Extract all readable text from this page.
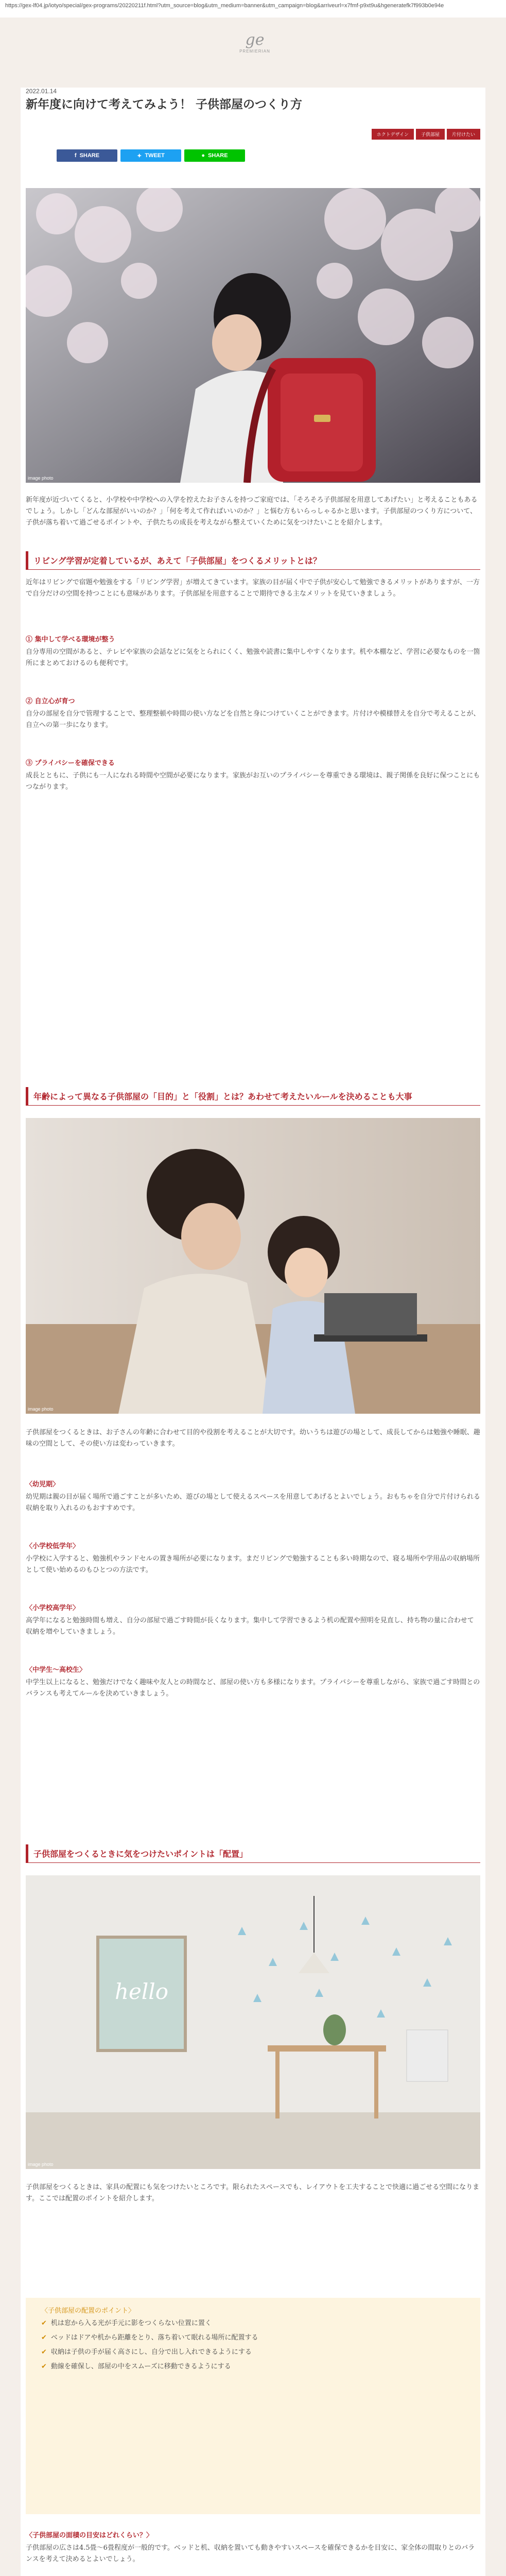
https://gex-lf04.jp/iotyo/special/gex-programs/20220211f.html?utm_source=blog&utm_medium=banner&utm_campaign=blog&arriveurl=x7fmf-p9xt9u&hgeneratefk7f993b0e94e
ge
PREMIERIAN
2022.01.14
新年度に向けて考えてみよう！ 子供部屋のつくり方
ホクトデザイン	子供部屋	片付けたい
f SHARE	✦ TWEET	● SHARE
image photo

新年度が近づいてくると、小学校や中学校への入学を控えたお子さんを持つご家庭では、「そろそろ子供部屋を用意してあげたい」と考えることもあるでしょう。しかし「どんな部屋がいいのか？」「何を考えて作ればいいのか？」と悩む方もいらっしゃるかと思います。子供部屋のつくり方について、子供が落ち着いて過ごせるポイントや、子供たちの成長を考えながら整えていくために気をつけたいことを紹介します。

リビング学習が定着しているが、あえて「子供部屋」をつくるメリットとは？

近年はリビングで宿題や勉強をする「リビング学習」が増えてきています。家族の目が届く中で子供が安心して勉強できるメリットがありますが、一方で自分だけの空間を持つことにも意味があります。子供部屋を用意することで期待できる主なメリットを見ていきましょう。

① 集中して学べる環境が整う

自分専用の空間があると、テレビや家族の会話などに気をとられにくく、勉強や読書に集中しやすくなります。机や本棚など、学習に必要なものを一箇所にまとめておけるのも便利です。

② 自立心が育つ

自分の部屋を自分で管理することで、整理整頓や時間の使い方などを自然と身につけていくことができます。片付けや模様替えを自分で考えることが、自立への第一歩になります。

③ プライバシーを確保できる

成長とともに、子供にも一人になれる時間や空間が必要になります。家族がお互いのプライバシーを尊重できる環境は、親子関係を良好に保つことにもつながります。

年齢によって異なる子供部屋の「目的」と「役割」とは？あわせて考えたいルールを決めることも大事
image photo

子供部屋をつくるときは、お子さんの年齢に合わせて目的や役割を考えることが大切です。幼いうちは遊びの場として、成長してからは勉強や睡眠、趣味の空間として、その使い方は変わっていきます。

〈幼児期〉

幼児期は親の目が届く場所で過ごすことが多いため、遊びの場として使えるスペースを用意してあげるとよいでしょう。おもちゃを自分で片付けられる収納を取り入れるのもおすすめです。

〈小学校低学年〉

小学校に入学すると、勉強机やランドセルの置き場所が必要になります。まだリビングで勉強することも多い時期なので、寝る場所や学用品の収納場所として使い始めるのもひとつの方法です。

〈小学校高学年〉

高学年になると勉強時間も増え、自分の部屋で過ごす時間が長くなります。集中して学習できるよう机の配置や照明を見直し、持ち物の量に合わせて収納を増やしていきましょう。

〈中学生〜高校生〉

中学生以上になると、勉強だけでなく趣味や友人との時間など、部屋の使い方も多様になります。プライバシーを尊重しながら、家族で過ごす時間とのバランスも考えてルールを決めていきましょう。

子供部屋をつくるときに気をつけたいポイントは「配置」
hello
image photo

子供部屋をつくるときは、家具の配置にも気をつけたいところです。限られたスペースでも、レイアウトを工夫することで快適に過ごせる空間になります。ここでは配置のポイントを紹介します。

〈子供部屋の配置のポイント〉
✔ 机は窓から入る光が手元に影をつくらない位置に置く
✔ ベッドはドアや机から距離をとり、落ち着いて眠れる場所に配置する
✔ 収納は子供の手が届く高さにし、自分で出し入れできるようにする
✔ 動線を確保し、部屋の中をスムーズに移動できるようにする
〈子供部屋の面積の目安はどれくらい？〉

子供部屋の広さは4.5畳〜6畳程度が一般的です。ベッドと机、収納を置いても動きやすいスペースを確保できるかを目安に、家全体の間取りとのバランスを考えて決めるとよいでしょう。
